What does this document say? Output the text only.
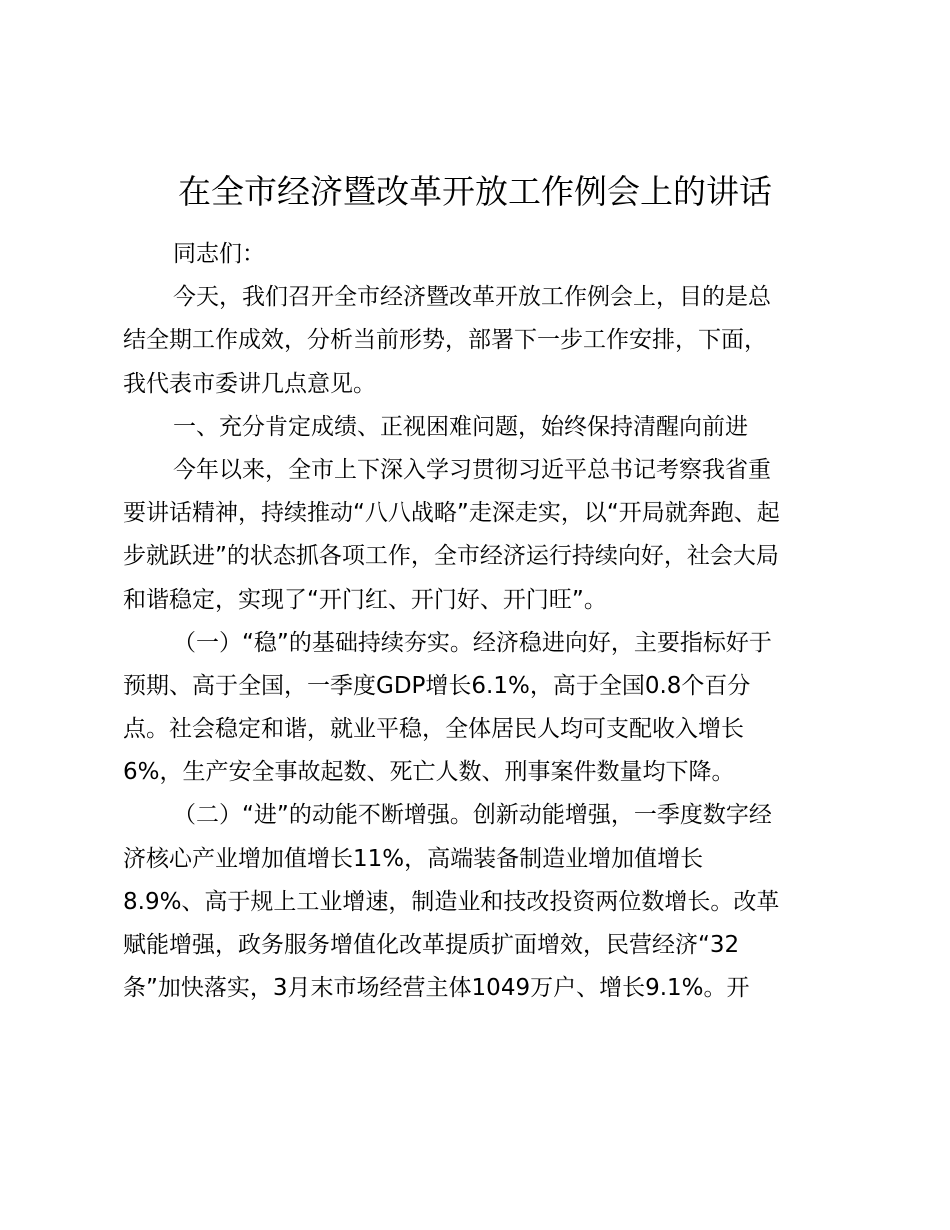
在全市经济暨改革开放工作例会上的讲话
同志们：
今天，我们召开全市经济暨改革开放工作例会上，目的是总
结全期工作成效，分析当前形势，部署下一步工作安排，下面，
我代表市委讲几点意见。
一、充分肯定成绩、正视困难问题，始终保持清醒向前进
今年以来，全市上下深入学习贯彻习近平总书记考察我省重
要讲话精神，持续推动“八八战略”走深走实，以“开局就奔跑、起
步就跃进”的状态抓各项工作，全市经济运行持续向好，社会大局
和谐稳定，实现了“开门红、开门好、开门旺”。
（一）“稳”的基础持续夯实。经济稳进向好，主要指标好于
预期、高于全国，一季度GDP增长6.1%，高于全国0.8个百分
点。社会稳定和谐，就业平稳，全体居民人均可支配收入增长
6%，生产安全事故起数、死亡人数、刑事案件数量均下降。
（二）“进”的动能不断增强。创新动能增强，一季度数字经
济核心产业增加值增长11%，高端装备制造业增加值增长
8.9%、高于规上工业增速，制造业和技改投资两位数增长。改革
赋能增强，政务服务增值化改革提质扩面增效，民营经济“32
条”加快落实，3月末市场经营主体1049万户、增长9.1%。开
